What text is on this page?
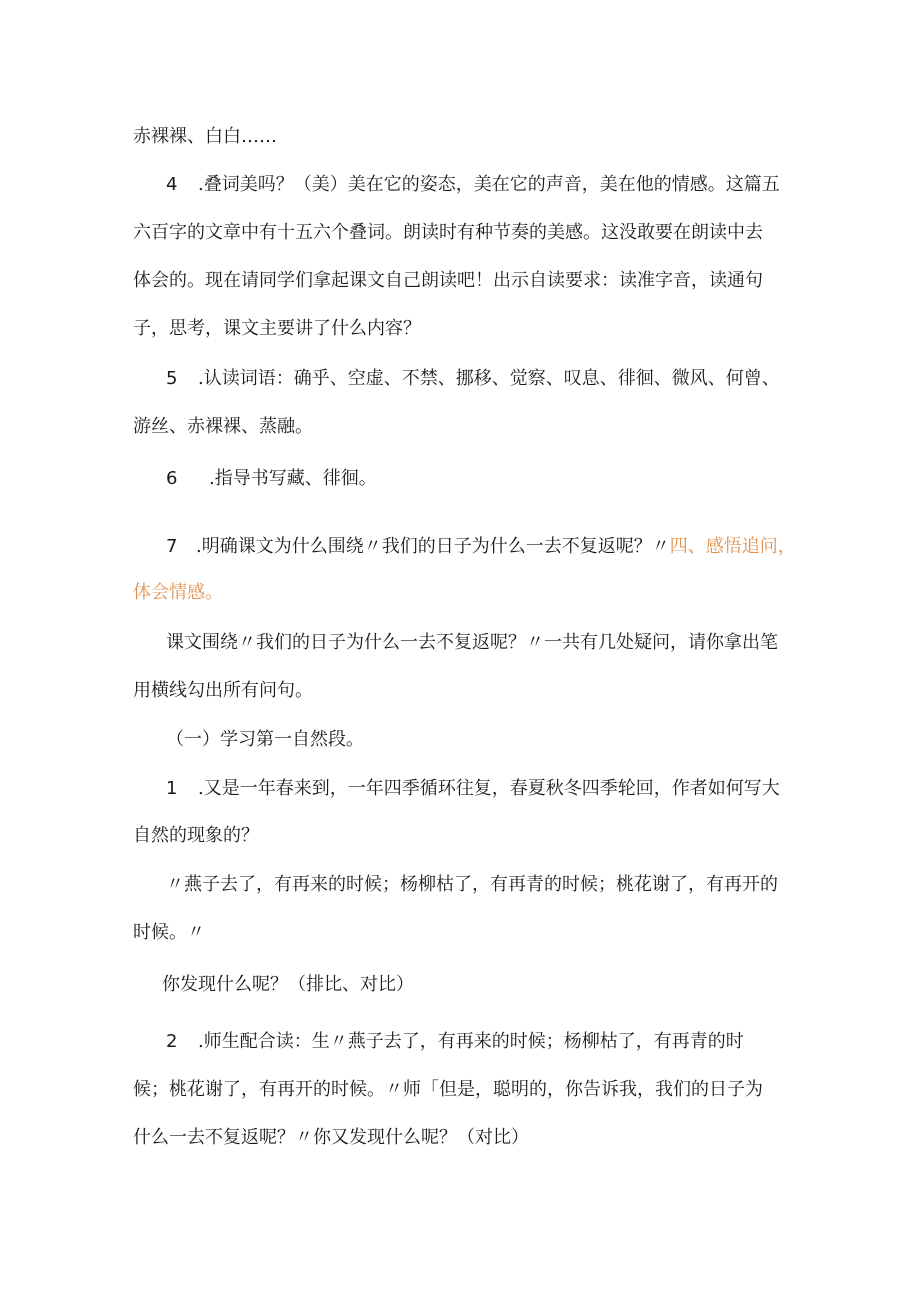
赤裸裸、白白……
4 .叠词美吗？（美）美在它的姿态，美在它的声音，美在他的情感。这篇五
六百字的文章中有十五六个叠词。朗读时有种节奏的美感。这没敢要在朗读中去
体会的。现在请同学们拿起课文自己朗读吧！出示自读要求：读准字音，读通句
子，思考，课文主要讲了什么内容？
5 .认读词语：确乎、空虚、不禁、挪移、觉察、叹息、徘徊、微风、何曾、
游丝、赤裸裸、蒸融。
6 .指导书写藏、徘徊。
7 .明确课文为什么围绕〃我们的日子为什么一去不复返呢？〃四、感悟追问，
体会情感。
课文围绕〃我们的日子为什么一去不复返呢？〃一共有几处疑问，请你拿出笔
用横线勾出所有问句。
（一）学习第一自然段。
1 .又是一年春来到，一年四季循环往复，春夏秋冬四季轮回，作者如何写大
自然的现象的？
〃燕子去了，有再来的时候；杨柳枯了，有再青的时候；桃花谢了，有再开的
时候。〃
你发现什么呢？（排比、对比）
2 .师生配合读：生〃燕子去了，有再来的时候；杨柳枯了，有再青的时
候；桃花谢了，有再开的时候。〃师「但是，聪明的，你告诉我，我们的日子为
什么一去不复返呢？〃你又发现什么呢？（对比）
